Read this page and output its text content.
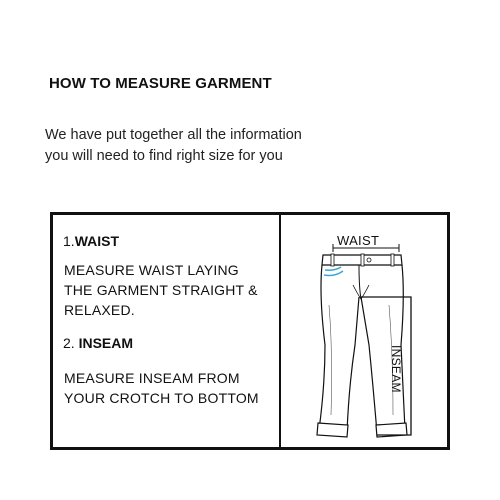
HOW TO MEASURE GARMENT

We have put together all the information
you will need to find right size for you

1.WAIST
MEASURE WAIST LAYING
THE GARMENT STRAIGHT &
RELAXED.
2. INSEAM
MEASURE INSEAM FROM
YOUR CROTCH TO BOTTOM
WAIST
INSEAM
